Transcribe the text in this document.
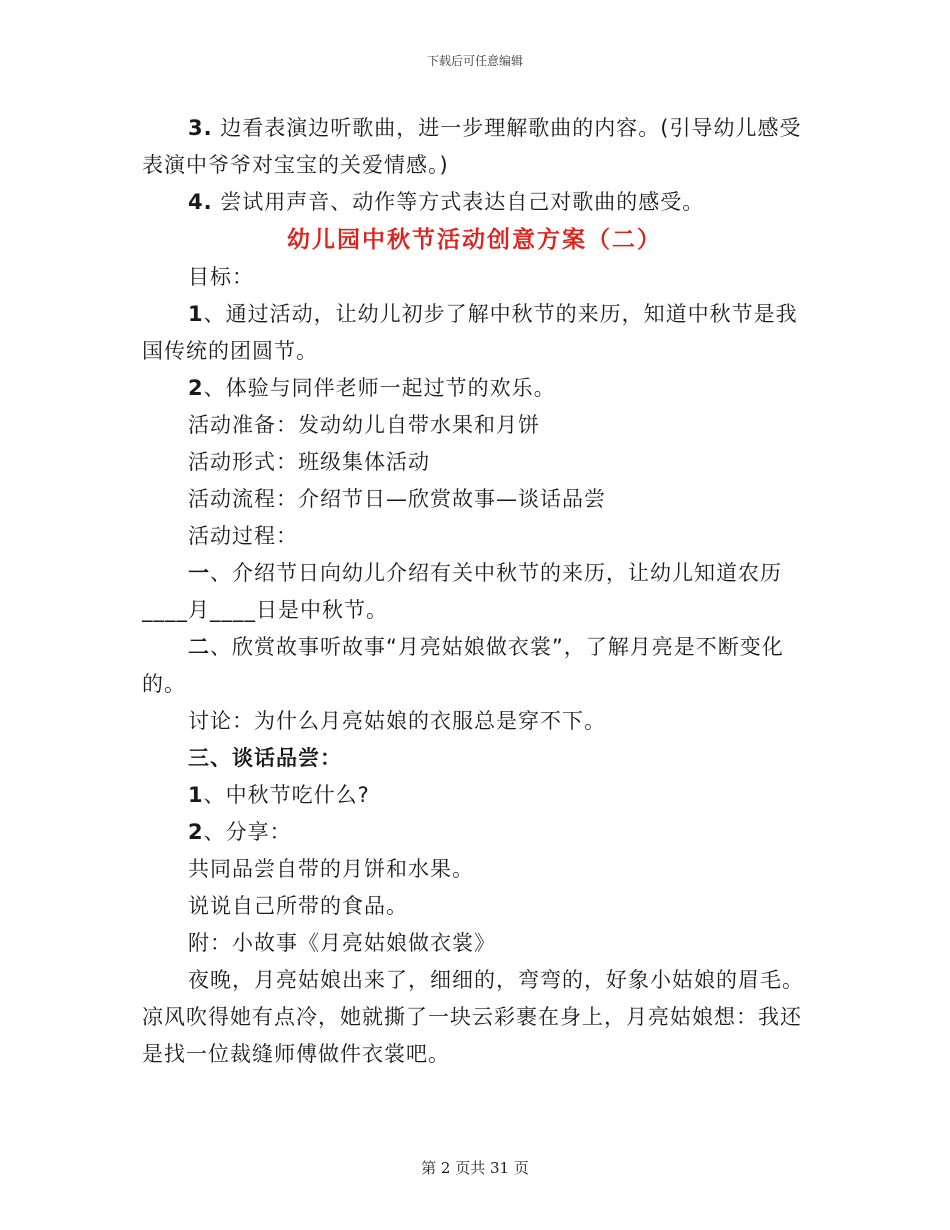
下载后可任意编辑

3. 边看表演边听歌曲，进一步理解歌曲的内容。(引导幼儿感受表演中爷爷对宝宝的关爱情感。)

4. 尝试用声音、动作等方式表达自己对歌曲的感受。

幼儿园中秋节活动创意方案（二）

目标：

1、通过活动，让幼儿初步了解中秋节的来历，知道中秋节是我国传统的团圆节。

2、体验与同伴老师一起过节的欢乐。

活动准备：发动幼儿自带水果和月饼

活动形式：班级集体活动

活动流程：介绍节日—欣赏故事—谈话品尝

活动过程：

一、介绍节日向幼儿介绍有关中秋节的来历，让幼儿知道农历____月____日是中秋节。

二、欣赏故事听故事“月亮姑娘做衣裳”，了解月亮是不断变化的。

讨论：为什么月亮姑娘的衣服总是穿不下。

三、谈话品尝：

1、中秋节吃什么?

2、分享：

共同品尝自带的月饼和水果。

说说自己所带的食品。

附：小故事《月亮姑娘做衣裳》

夜晚，月亮姑娘出来了，细细的，弯弯的，好象小姑娘的眉毛。凉风吹得她有点冷，她就撕了一块云彩裹在身上，月亮姑娘想：我还是找一位裁缝师傅做件衣裳吧。

第 2 页共 31 页
